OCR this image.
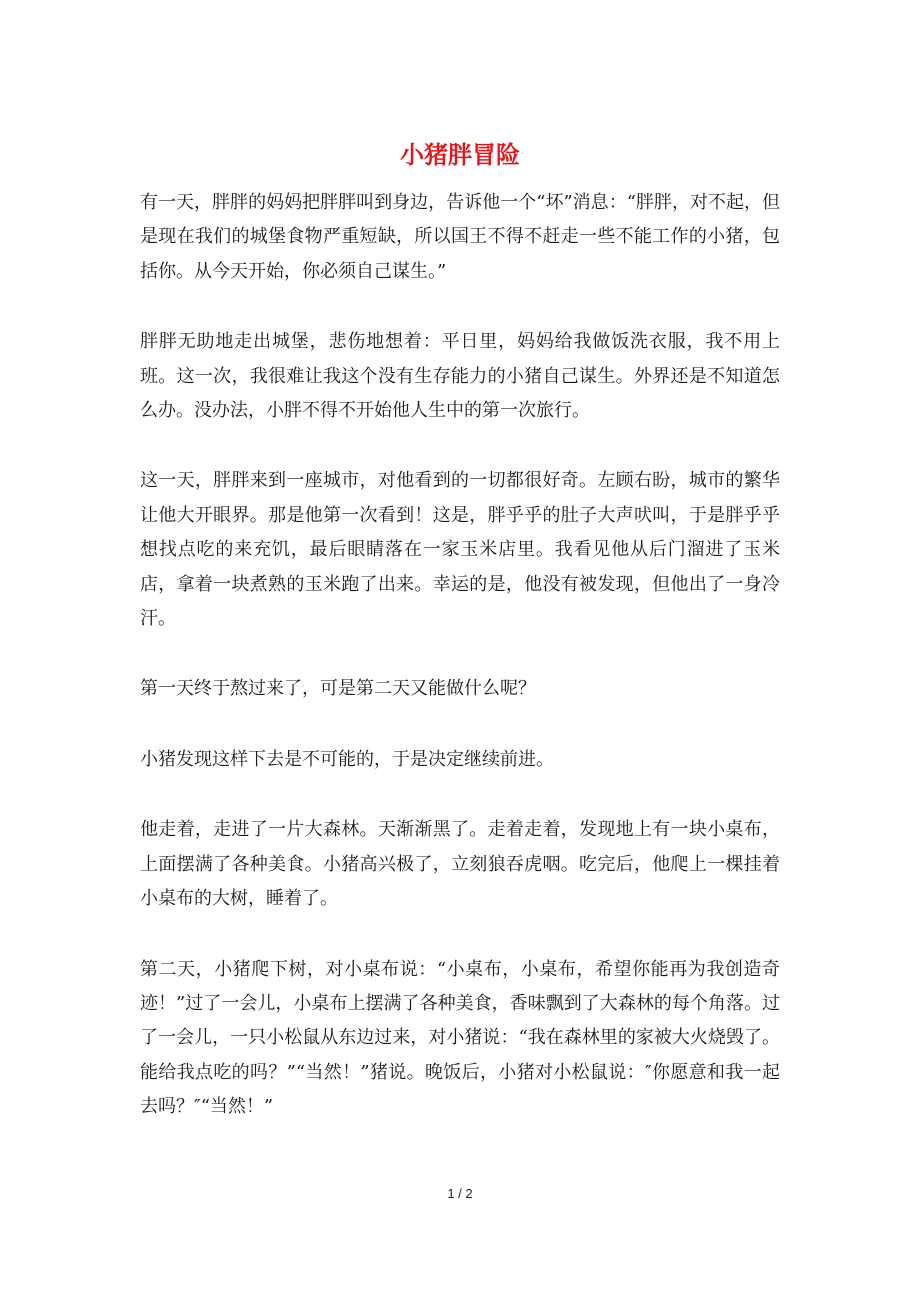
小猪胖冒险

有一天，胖胖的妈妈把胖胖叫到身边，告诉他一个“坏”消息：“胖胖，对不起，但是现在我们的城堡食物严重短缺，所以国王不得不赶走一些不能工作的小猪，包括你。从今天开始，你必须自己谋生。”

胖胖无助地走出城堡，悲伤地想着：平日里，妈妈给我做饭洗衣服，我不用上班。这一次，我很难让我这个没有生存能力的小猪自己谋生。外界还是不知道怎么办。没办法，小胖不得不开始他人生中的第一次旅行。

这一天，胖胖来到一座城市，对他看到的一切都很好奇。左顾右盼，城市的繁华让他大开眼界。那是他第一次看到！这是，胖乎乎的肚子大声吠叫，于是胖乎乎想找点吃的来充饥，最后眼睛落在一家玉米店里。我看见他从后门溜进了玉米店，拿着一块煮熟的玉米跑了出来。幸运的是，他没有被发现，但他出了一身冷汗。

第一天终于熬过来了，可是第二天又能做什么呢？

小猪发现这样下去是不可能的，于是决定继续前进。

他走着，走进了一片大森林。天渐渐黑了。走着走着，发现地上有一块小桌布，上面摆满了各种美食。小猪高兴极了，立刻狼吞虎咽。吃完后，他爬上一棵挂着小桌布的大树，睡着了。

第二天，小猪爬下树，对小桌布说：“小桌布，小桌布，希望你能再为我创造奇迹！”过了一会儿，小桌布上摆满了各种美食，香味飘到了大森林的每个角落。过了一会儿，一只小松鼠从东边过来，对小猪说：“我在森林里的家被大火烧毁了。能给我点吃的吗？”“当然！”猪说。晚饭后，小猪对小松鼠说：″你愿意和我一起去吗？″“当然！”

1 / 2
